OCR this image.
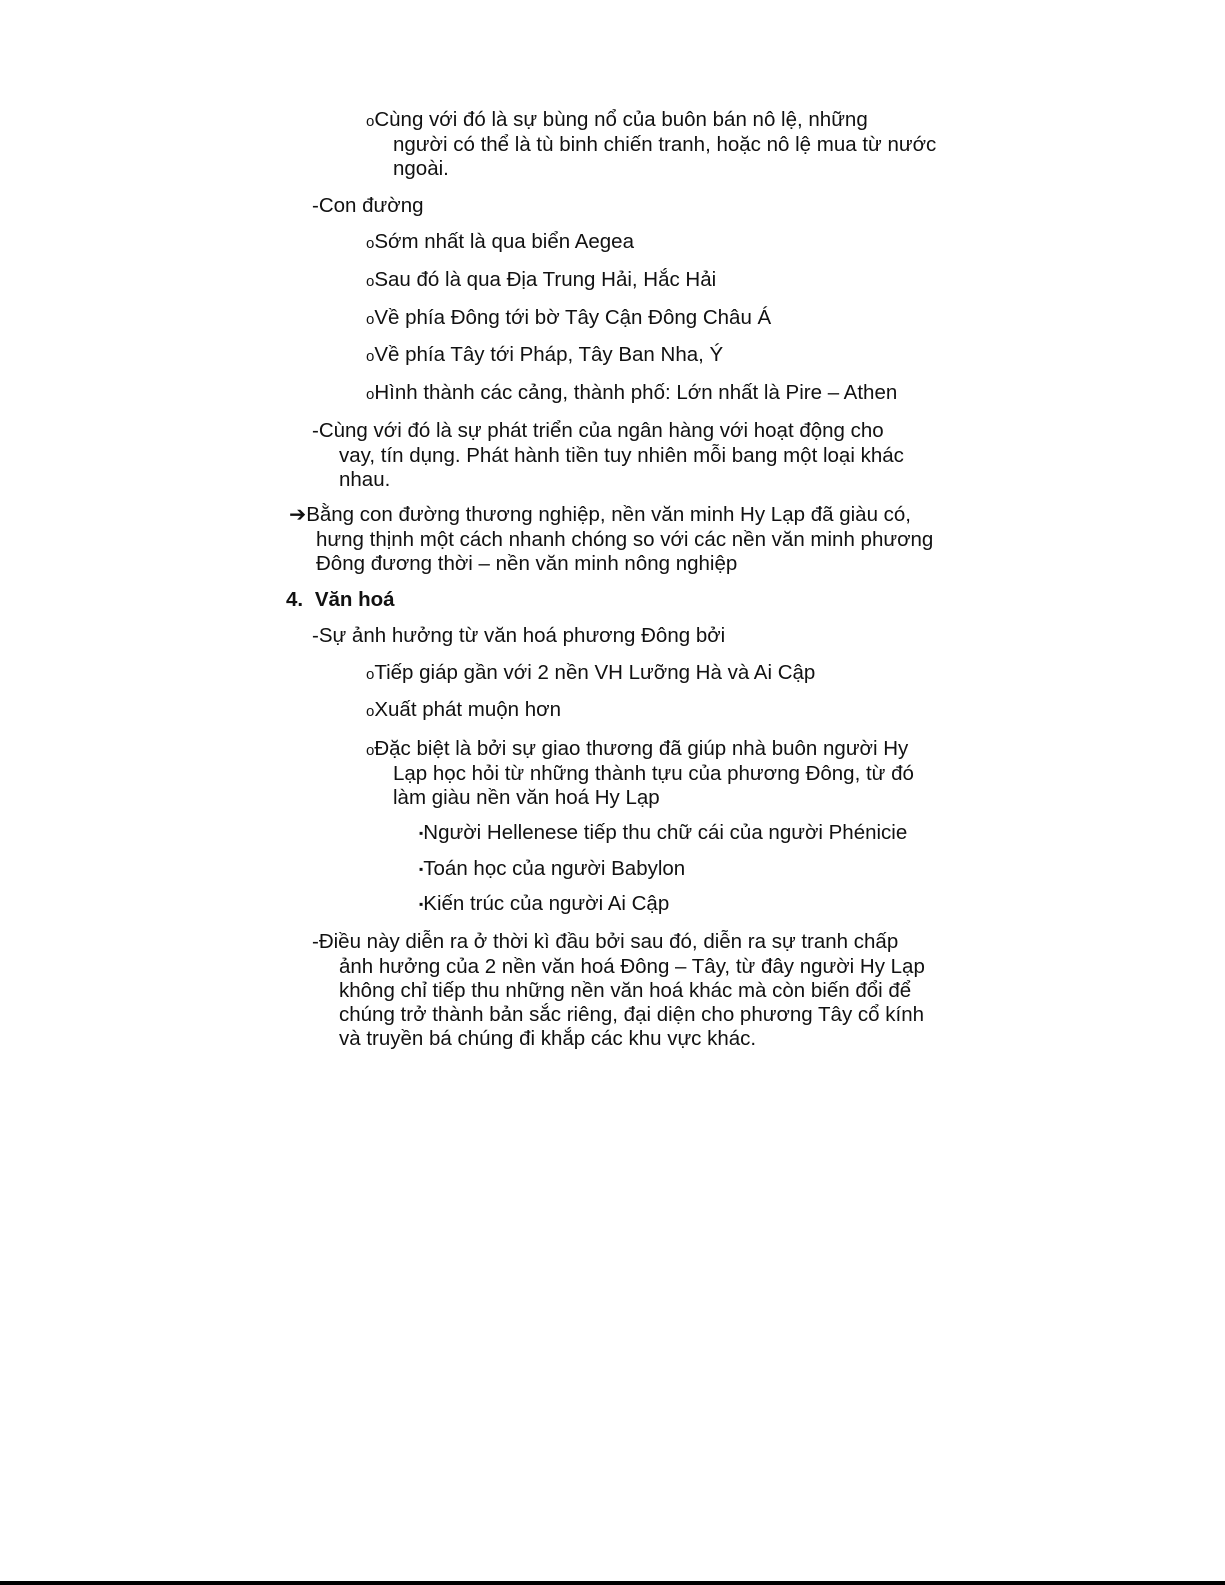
oCùng với đó là sự bùng nổ của buôn bán nô lệ, những
người có thể là tù binh chiến tranh, hoặc nô lệ mua từ nước
ngoài.
-Con đường
oSớm nhất là qua biển Aegea
oSau đó là qua Địa Trung Hải, Hắc Hải
oVề phía Đông tới bờ Tây Cận Đông Châu Á
oVề phía Tây tới Pháp, Tây Ban Nha, Ý
oHình thành các cảng, thành phố: Lớn nhất là Pire – Athen
-Cùng với đó là sự phát triển của ngân hàng với hoạt động cho
vay, tín dụng. Phát hành tiền tuy nhiên mỗi bang một loại khác
nhau.
➔Bằng con đường thương nghiệp, nền văn minh Hy Lạp đã giàu có,
hưng thịnh một cách nhanh chóng so với các nền văn minh phương
Đông đương thời – nền văn minh nông nghiệp
4. Văn hoá
-Sự ảnh hưởng từ văn hoá phương Đông bởi
oTiếp giáp gần với 2 nền VH Lưỡng Hà và Ai Cập
oXuất phát muộn hơn
oĐặc biệt là bởi sự giao thương đã giúp nhà buôn người Hy
Lạp học hỏi từ những thành tựu của phương Đông, từ đó
làm giàu nền văn hoá Hy Lạp
▪Người Hellenese tiếp thu chữ cái của người Phénicie
▪Toán học của người Babylon
▪Kiến trúc của người Ai Cập
-Điều này diễn ra ở thời kì đầu bởi sau đó, diễn ra sự tranh chấp
ảnh hưởng của 2 nền văn hoá Đông – Tây, từ đây người Hy Lạp
không chỉ tiếp thu những nền văn hoá khác mà còn biến đổi để
chúng trở thành bản sắc riêng, đại diện cho phương Tây cổ kính
và truyền bá chúng đi khắp các khu vực khác.
